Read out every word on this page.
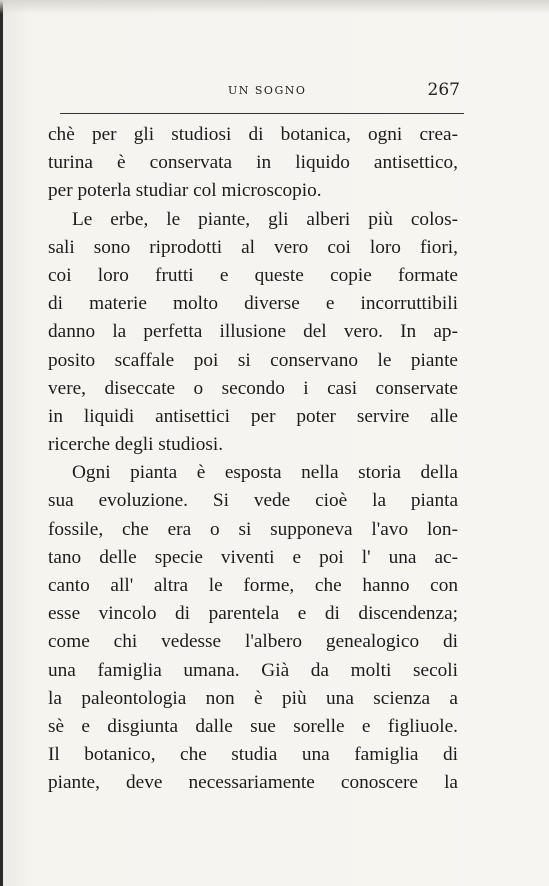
UN SOGNO	267
chè per gli studiosi di botanica, ogni crea-
turina è conservata in liquido antisettico,
per poterla studiar col microscopio.
Le erbe, le piante, gli alberi più colos-
sali sono riprodotti al vero coi loro fiori,
coi loro frutti e queste copie formate
di materie molto diverse e incorruttibili
danno la perfetta illusione del vero. In ap-
posito scaffale poi si conservano le piante
vere, diseccate o secondo i casi conservate
in liquidi antisettici per poter servire alle
ricerche degli studiosi.
Ogni pianta è esposta nella storia della
sua evoluzione. Si vede cioè la pianta
fossile, che era o si supponeva l'avo lon-
tano delle specie viventi e poi l' una ac-
canto all' altra le forme, che hanno con
esse vincolo di parentela e di discendenza;
come chi vedesse l'albero genealogico di
una famiglia umana. Già da molti secoli
la paleontologia non è più una scienza a
sè e disgiunta dalle sue sorelle e figliuole.
Il botanico, che studia una famiglia di
piante, deve necessariamente conoscere la
